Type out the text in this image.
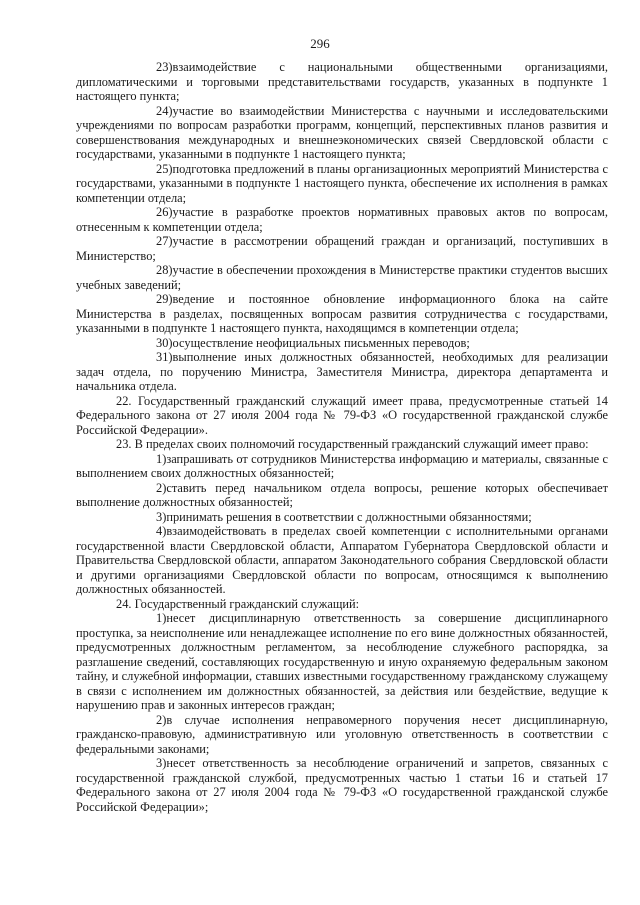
296

23)взаимодействие с национальными общественными организациями, дипломатическими и торговыми представительствами государств, указанных в подпункте 1 настоящего пункта;

24)участие во взаимодействии Министерства с научными и исследовательскими учреждениями по вопросам разработки программ, концепций, перспективных планов развития и совершенствования международных и внешнеэкономических связей Свердловской области с государствами, указанными в подпункте 1 настоящего пункта;

25)подготовка предложений в планы организационных мероприятий Министерства с государствами, указанными в подпункте 1 настоящего пункта, обеспечение их исполнения в рамках компетенции отдела;

26)участие в разработке проектов нормативных правовых актов по вопросам, отнесенным к компетенции отдела;

27)участие в рассмотрении обращений граждан и организаций, поступивших в Министерство;

28)участие в обеспечении прохождения в Министерстве практики студентов высших учебных заведений;

29)ведение и постоянное обновление информационного блока на сайте Министерства в разделах, посвященных вопросам развития сотрудничества с государствами, указанными в подпункте 1 настоящего пункта, находящимся в компетенции отдела;

30)осуществление неофициальных письменных переводов;

31)выполнение иных должностных обязанностей, необходимых для реализации задач отдела, по поручению Министра, Заместителя Министра, директора департамента и начальника отдела.

22. Государственный гражданский служащий имеет права, предусмотренные статьей 14 Федерального закона от 27 июля 2004 года № 79-ФЗ «О государственной гражданской службе Российской Федерации».

23. В пределах своих полномочий государственный гражданский служащий имеет право:

1)запрашивать от сотрудников Министерства информацию и материалы, связанные с выполнением своих должностных обязанностей;

2)ставить перед начальником отдела вопросы, решение которых обеспечивает выполнение должностных обязанностей;

3)принимать решения в соответствии с должностными обязанностями;

4)взаимодействовать в пределах своей компетенции с исполнительными органами государственной власти Свердловской области, Аппаратом Губернатора Свердловской области и Правительства Свердловской области, аппаратом Законодательного собрания Свердловской области и другими организациями Свердловской области по вопросам, относящимся к выполнению должностных обязанностей.

24. Государственный гражданский служащий:

1)несет дисциплинарную ответственность за совершение дисциплинарного проступка, за неисполнение или ненадлежащее исполнение по его вине должностных обязанностей, предусмотренных должностным регламентом, за несоблюдение служебного распорядка, за разглашение сведений, составляющих государственную и иную охраняемую федеральным законом тайну, и служебной информации, ставших известными государственному гражданскому служащему в связи с исполнением им должностных обязанностей, за действия или бездействие, ведущие к нарушению прав и законных интересов граждан;

2)в случае исполнения неправомерного поручения несет дисциплинарную, гражданско-правовую, административную или уголовную ответственность в соответствии с федеральными законами;

3)несет ответственность за несоблюдение ограничений и запретов, связанных с государственной гражданской службой, предусмотренных частью 1 статьи 16 и статьей 17 Федерального закона от 27 июля 2004 года № 79-ФЗ «О государственной гражданской службе Российской Федерации»;
